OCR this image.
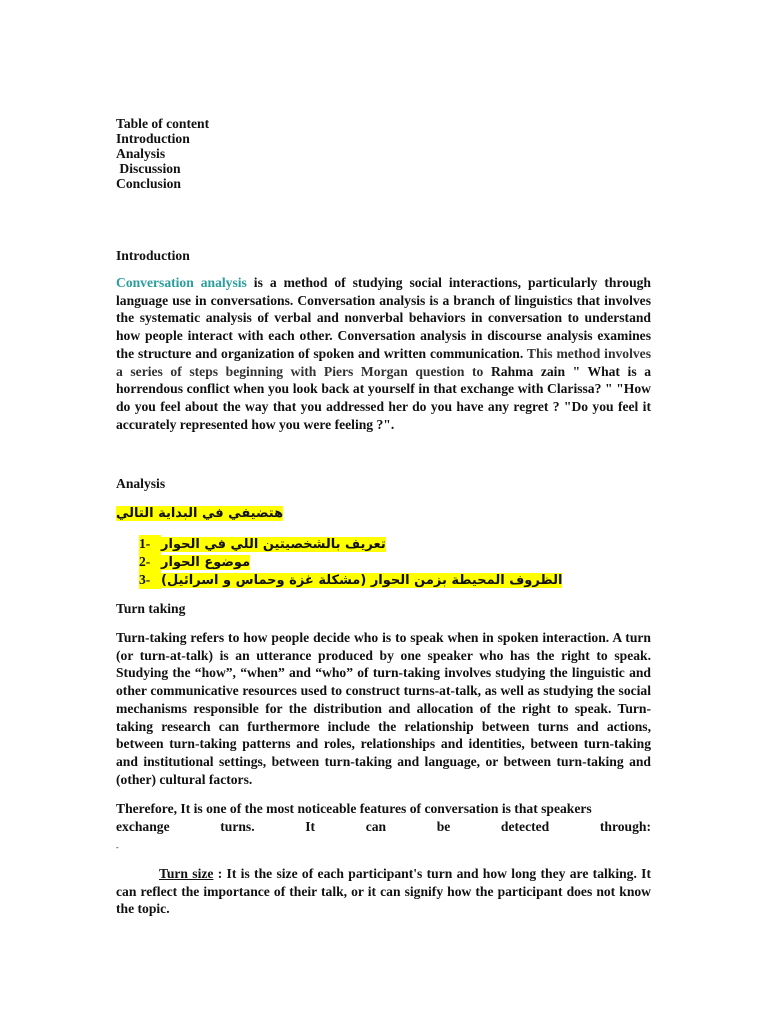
Table of content
Introduction
Analysis
Discussion
Conclusion
Introduction
Conversation analysis is a method of studying social interactions, particularly through language use in conversations. Conversation analysis is a branch of linguistics that involves the systematic analysis of verbal and nonverbal behaviors in conversation to understand how people interact with each other. Conversation analysis in discourse analysis examines the structure and organization of spoken and written communication. This method involves a series of steps beginning with Piers Morgan question to Rahma zain " What is a horrendous conflict when you look back at yourself in that exchange with Clarissa? " "How do you feel about the way that you addressed her do you have any regret ? "Do you feel it accurately represented how you were feeling ?".
Analysis
هتضيفي في البداية التالي
1- تعريف بالشخصيتين اللي في الحوار
2- موضوع الحوار
3- الظروف المحيطة بزمن الحوار (مشكلة غزة وحماس و اسرائيل)
Turn taking
Turn-taking refers to how people decide who is to speak when in spoken interaction. A turn (or turn-at-talk) is an utterance produced by one speaker who has the right to speak. Studying the “how”, “when” and “who” of turn-taking involves studying the linguistic and other communicative resources used to construct turns-at-talk, as well as studying the social mechanisms responsible for the distribution and allocation of the right to speak. Turn-taking research can furthermore include the relationship between turns and actions, between turn-taking patterns and roles, relationships and identities, between turn-taking and institutional settings, between turn-taking and language, or between turn-taking and (other) cultural factors.
Therefore, It is one of the most noticeable features of conversation is that speakers
exchange turns. It can be detected through:
-
Turn size : It is the size of each participant's turn and how long they are talking. It can reflect the importance of their talk, or it can signify how the participant does not know the topic.
